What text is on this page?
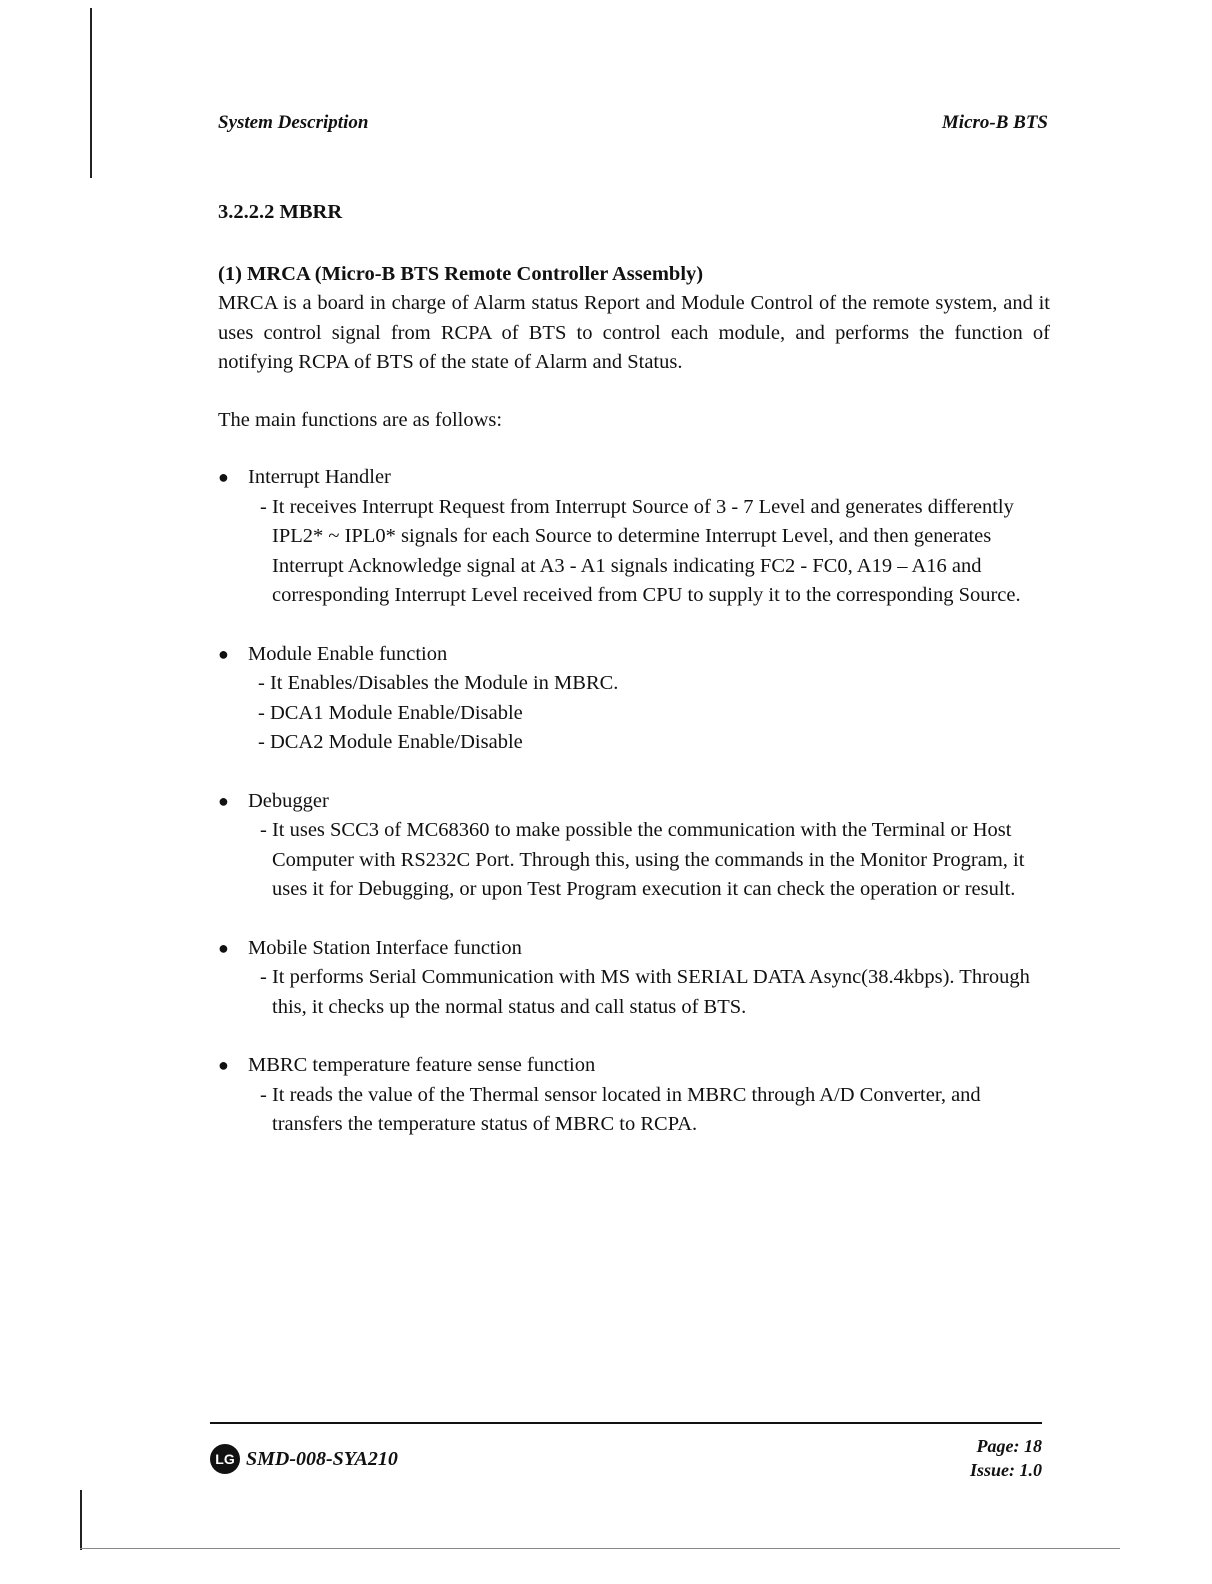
System Description	Micro-B BTS

3.2.2.2 MBRR

(1) MRCA (Micro-B BTS Remote Controller Assembly)

MRCA is a board in charge of Alarm status Report and Module Control of the remote system, and it uses control signal from RCPA of BTS to control each module, and performs the function of notifying RCPA of BTS of the state of Alarm and Status.

The main functions are as follows:

● Interrupt Handler
- It receives Interrupt Request from Interrupt Source of 3 - 7 Level and generates differently IPL2* ~ IPL0* signals for each Source to determine Interrupt Level, and then generates Interrupt Acknowledge signal at A3 - A1 signals indicating FC2 - FC0, A19 – A16 and corresponding Interrupt Level received from CPU to supply it to the corresponding Source.
● Module Enable function
- It Enables/Disables the Module in MBRC.
- DCA1 Module Enable/Disable
- DCA2 Module Enable/Disable
● Debugger
- It uses SCC3 of MC68360 to make possible the communication with the Terminal or Host Computer with RS232C Port. Through this, using the commands in the Monitor Program, it uses it for Debugging, or upon Test Program execution it can check the operation or result.
● Mobile Station Interface function
- It performs Serial Communication with MS with SERIAL DATA Async(38.4kbps). Through this, it checks up the normal status and call status of BTS.
● MBRC temperature feature sense function
- It reads the value of the Thermal sensor located in MBRC through A/D Converter, and transfers the temperature status of MBRC to RCPA.
LG SMD-008-SYA210
Page: 18
Issue: 1.0
